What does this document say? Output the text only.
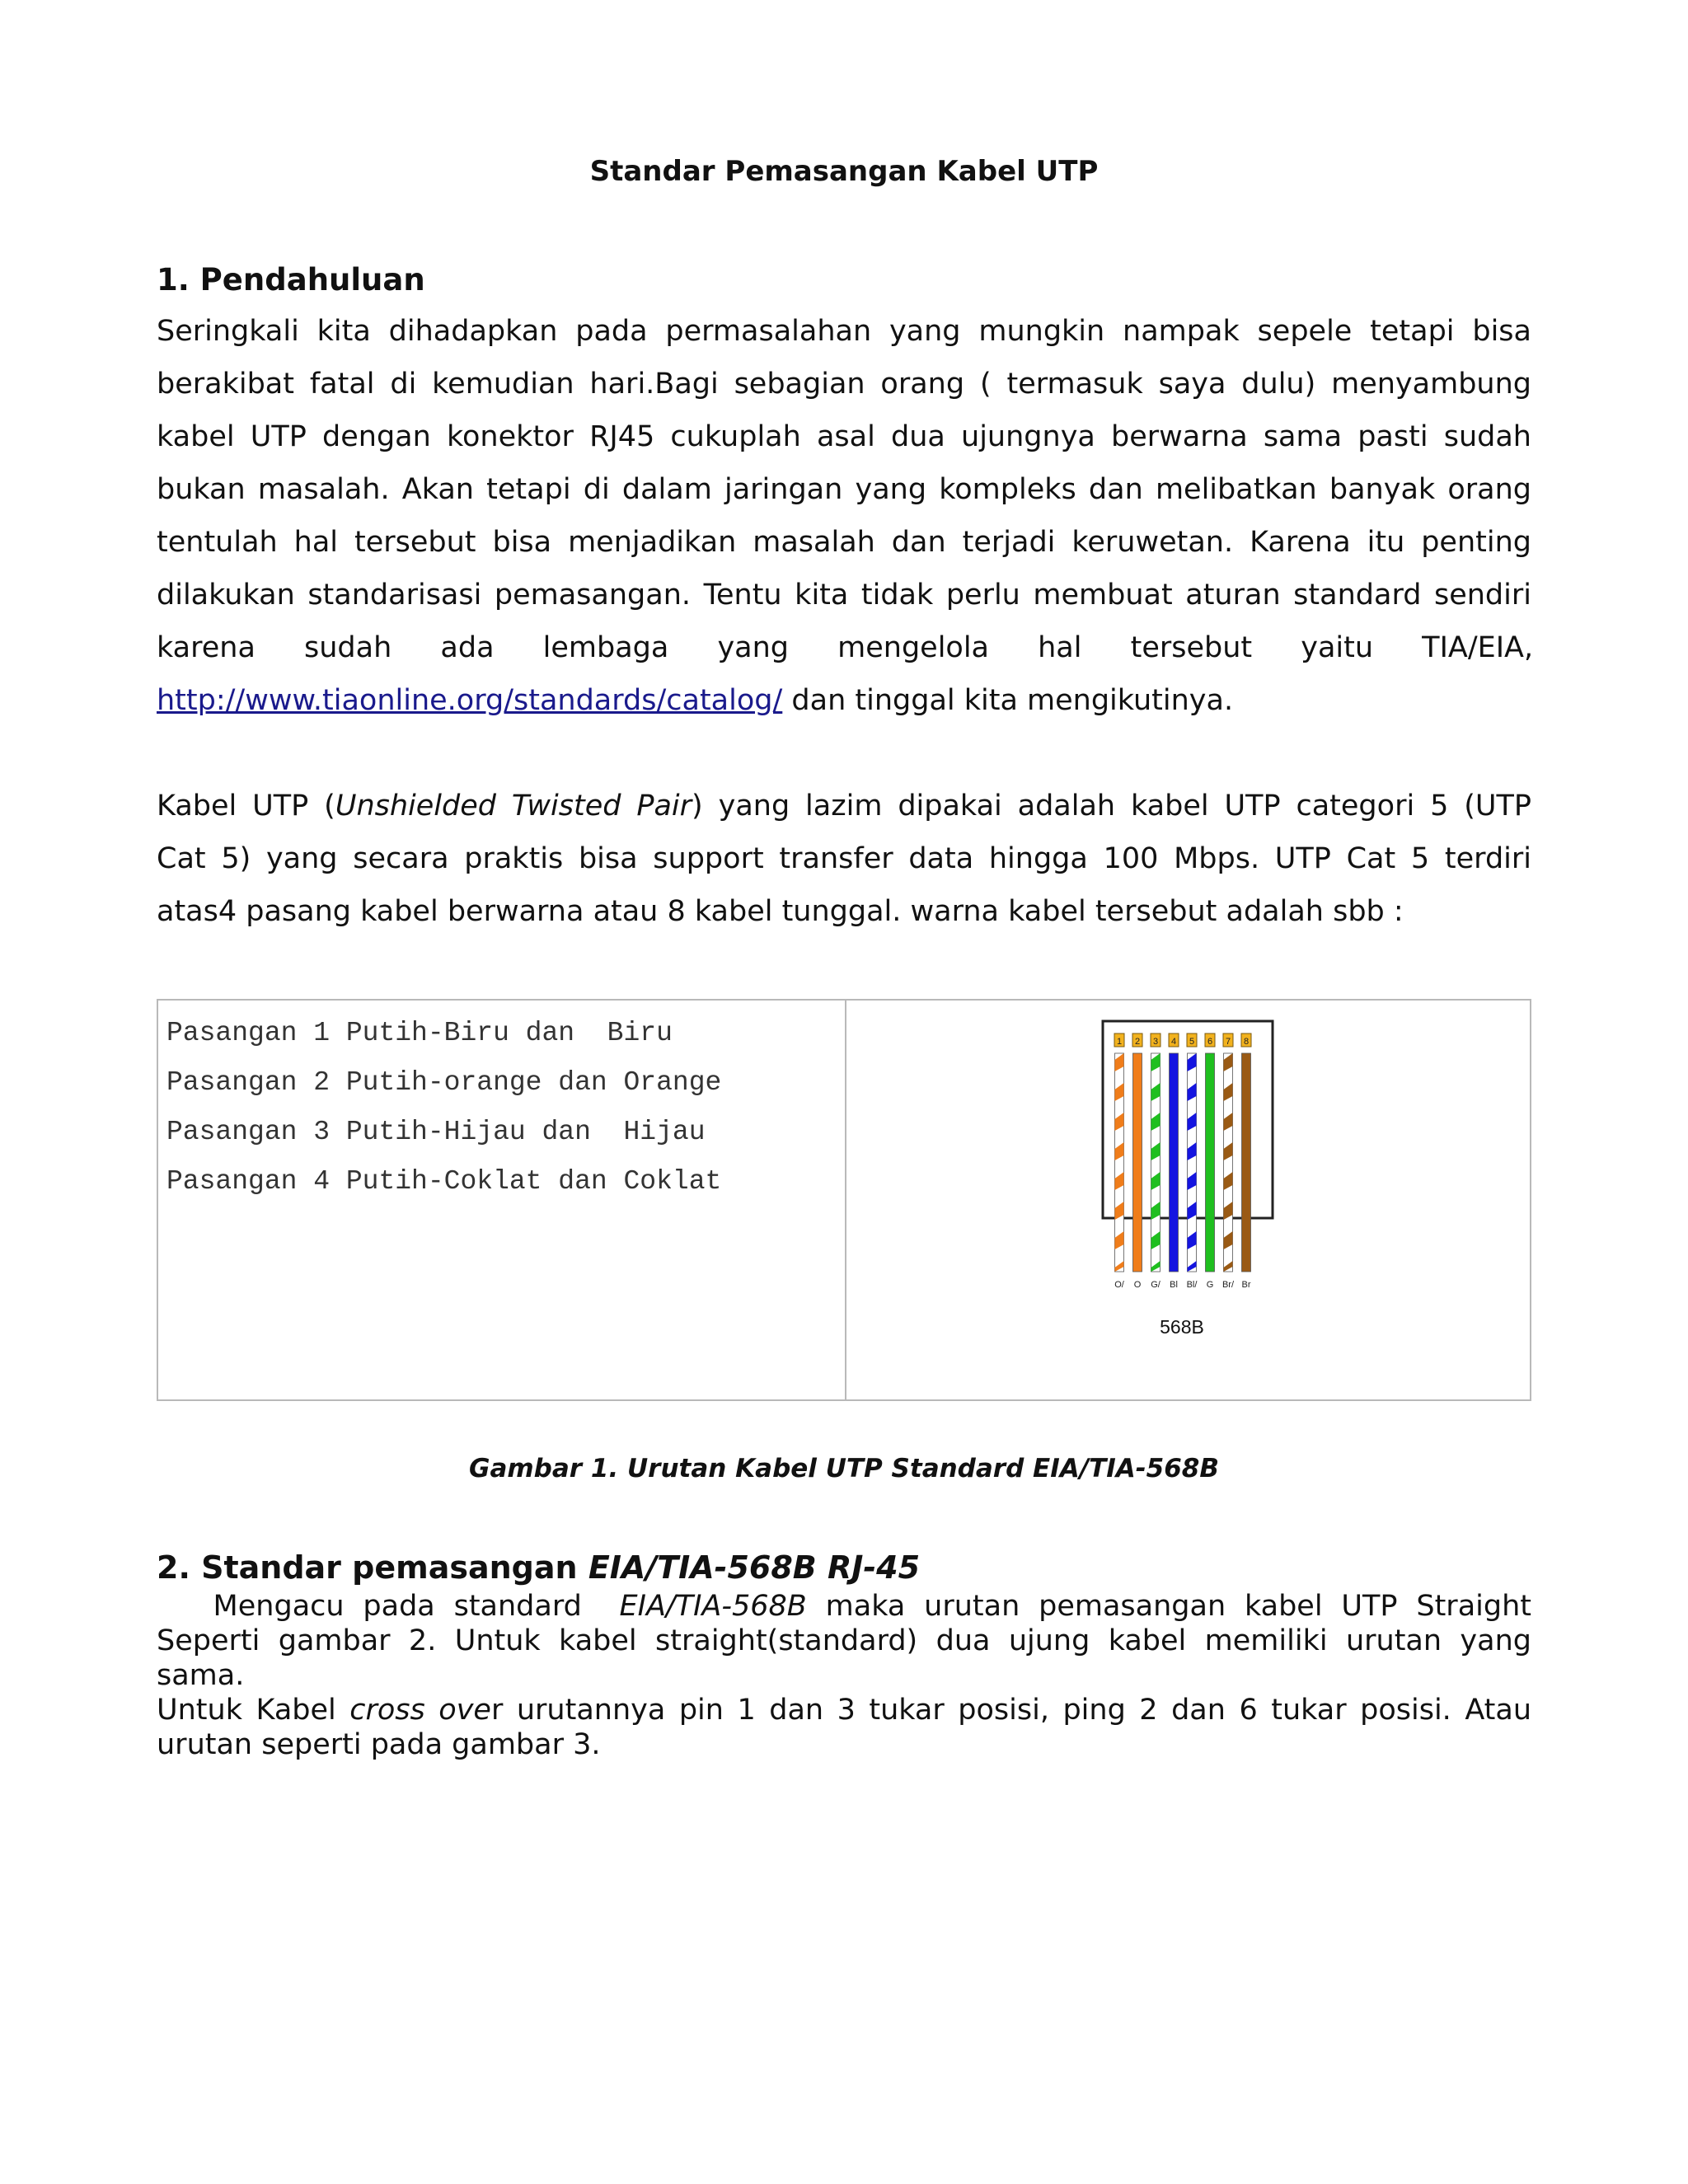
Standar Pemasangan Kabel UTP
1. Pendahuluan
Seringkali kita dihadapkan pada permasalahan yang mungkin nampak sepele tetapi bisa
berakibat fatal di kemudian hari.Bagi sebagian orang ( termasuk saya dulu) menyambung
kabel UTP dengan konektor RJ45 cukuplah asal dua ujungnya berwarna sama pasti sudah
bukan masalah. Akan tetapi di dalam jaringan yang kompleks dan melibatkan banyak orang
tentulah hal tersebut bisa menjadikan masalah dan terjadi keruwetan. Karena itu penting
dilakukan standarisasi pemasangan. Tentu kita tidak perlu membuat aturan standard sendiri
karena sudah ada lembaga yang mengelola hal tersebut yaitu TIA/EIA,
http://www.tiaonline.org/standards/catalog/ dan tinggal kita mengikutinya.
Kabel UTP (Unshielded Twisted Pair) yang lazim dipakai adalah kabel UTP categori 5 (UTP
Cat 5) yang secara praktis bisa support transfer data hingga 100 Mbps. UTP Cat 5 terdiri
atas4 pasang kabel berwarna atau 8 kabel tunggal. warna kabel tersebut adalah sbb :
Pasangan 1 Putih-Biru dan  Biru
Pasangan 2 Putih-orange dan Orange
Pasangan 3 Putih-Hijau dan  Hijau
Pasangan 4 Putih-Coklat dan Coklat
1 2 3 4 5 6 7 8
O/ O G/ Bl Bl/ G Br/ Br
568B
Gambar 1. Urutan Kabel UTP Standard EIA/TIA-568B
2. Standar pemasangan EIA/TIA-568B RJ-45
Mengacu pada standard  EIA/TIA-568B maka urutan pemasangan kabel UTP Straight
Seperti gambar 2. Untuk kabel straight(standard) dua ujung kabel memiliki urutan yang
sama.
Untuk Kabel cross over urutannya pin 1 dan 3 tukar posisi, ping 2 dan 6 tukar posisi. Atau
urutan seperti pada gambar 3.
